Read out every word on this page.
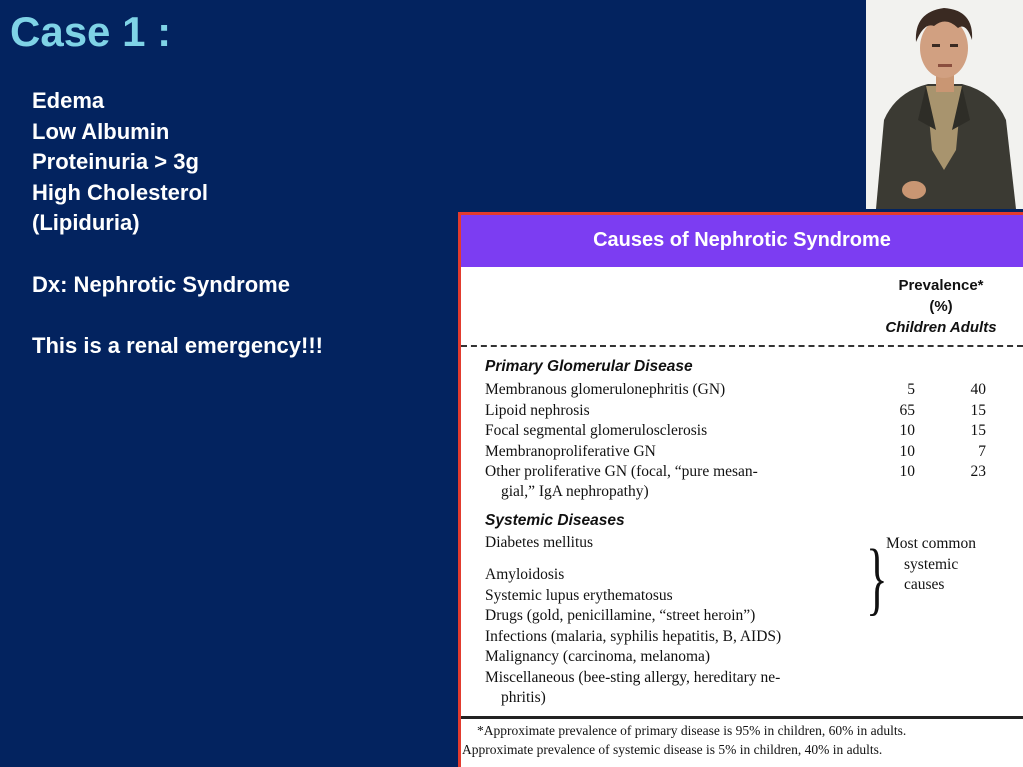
Case 1 :
Edema
Low Albumin
Proteinuria > 3g
High Cholesterol
(Lipiduria)
Dx: Nephrotic Syndrome
This is a renal emergency!!!
Causes of Nephrotic Syndrome
Prevalence*
(%)
Children Adults
Primary Glomerular Disease
Membranous glomerulonephritis (GN)	5	40
Lipoid nephrosis	65	15
Focal segmental glomerulosclerosis	10	15
Membranoproliferative GN	10	7
Other proliferative GN (focal, “pure mesan-
gial,” IgA nephropathy)
10	23
Systemic Diseases
Diabetes mellitus
Amyloidosis
Systemic lupus erythematosus
Drugs (gold, penicillamine, “street heroin”)
Infections (malaria, syphilis hepatitis, B, AIDS)
Malignancy (carcinoma, melanoma)
Miscellaneous (bee-sting allergy, hereditary ne-
phritis)
}
Most common
systemic
causes
*Approximate prevalence of primary disease is 95% in children, 60% in adults.
Approximate prevalence of systemic disease is 5% in children, 40% in adults.
